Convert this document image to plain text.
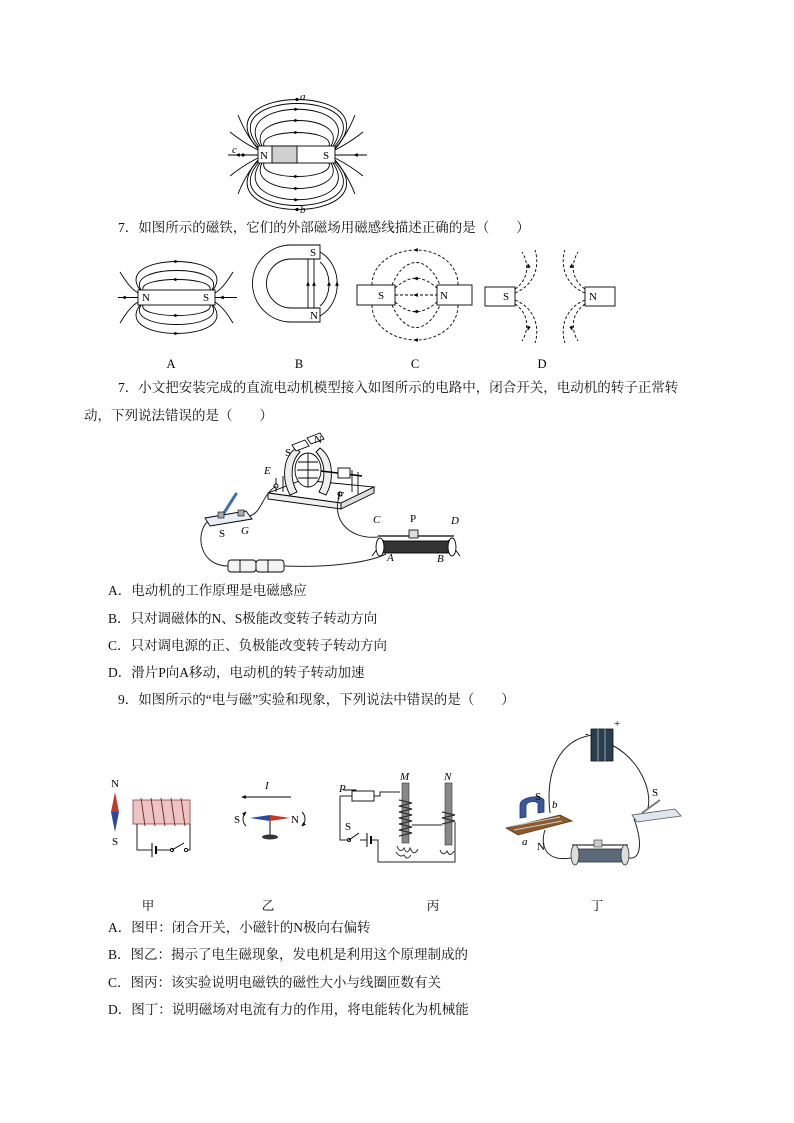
N	S
a
b
c
N	S
A
S
N
B
S	N
C
S	N
D
S
N
E
F
S G
C	P	D
A	B
N
S
甲
I
S	N
乙
P
M	N
S
丙
-
+
S
b
a N
S
丁
7．如图所示的磁铁，它们的外部磁场用磁感线描述正确的是（　　）
7．小文把安装完成的直流电动机模型接入如图所示的电路中，闭合开关，电动机的转子正常转
动，下列说法错误的是（　　）
A．电动机的工作原理是电磁感应
B．只对调磁体的N、S极能改变转子转动方向
C．只对调电源的正、负极能改变转子转动方向
D．滑片P向A移动，电动机的转子转动加速
9．如图所示的“电与磁”实验和现象，下列说法中错误的是（　　）
A．图甲：闭合开关，小磁针的N极向右偏转
B．图乙：揭示了电生磁现象，发电机是利用这个原理制成的
C．图丙：该实验说明电磁铁的磁性大小与线圈匝数有关
D．图丁：说明磁场对电流有力的作用，将电能转化为机械能
